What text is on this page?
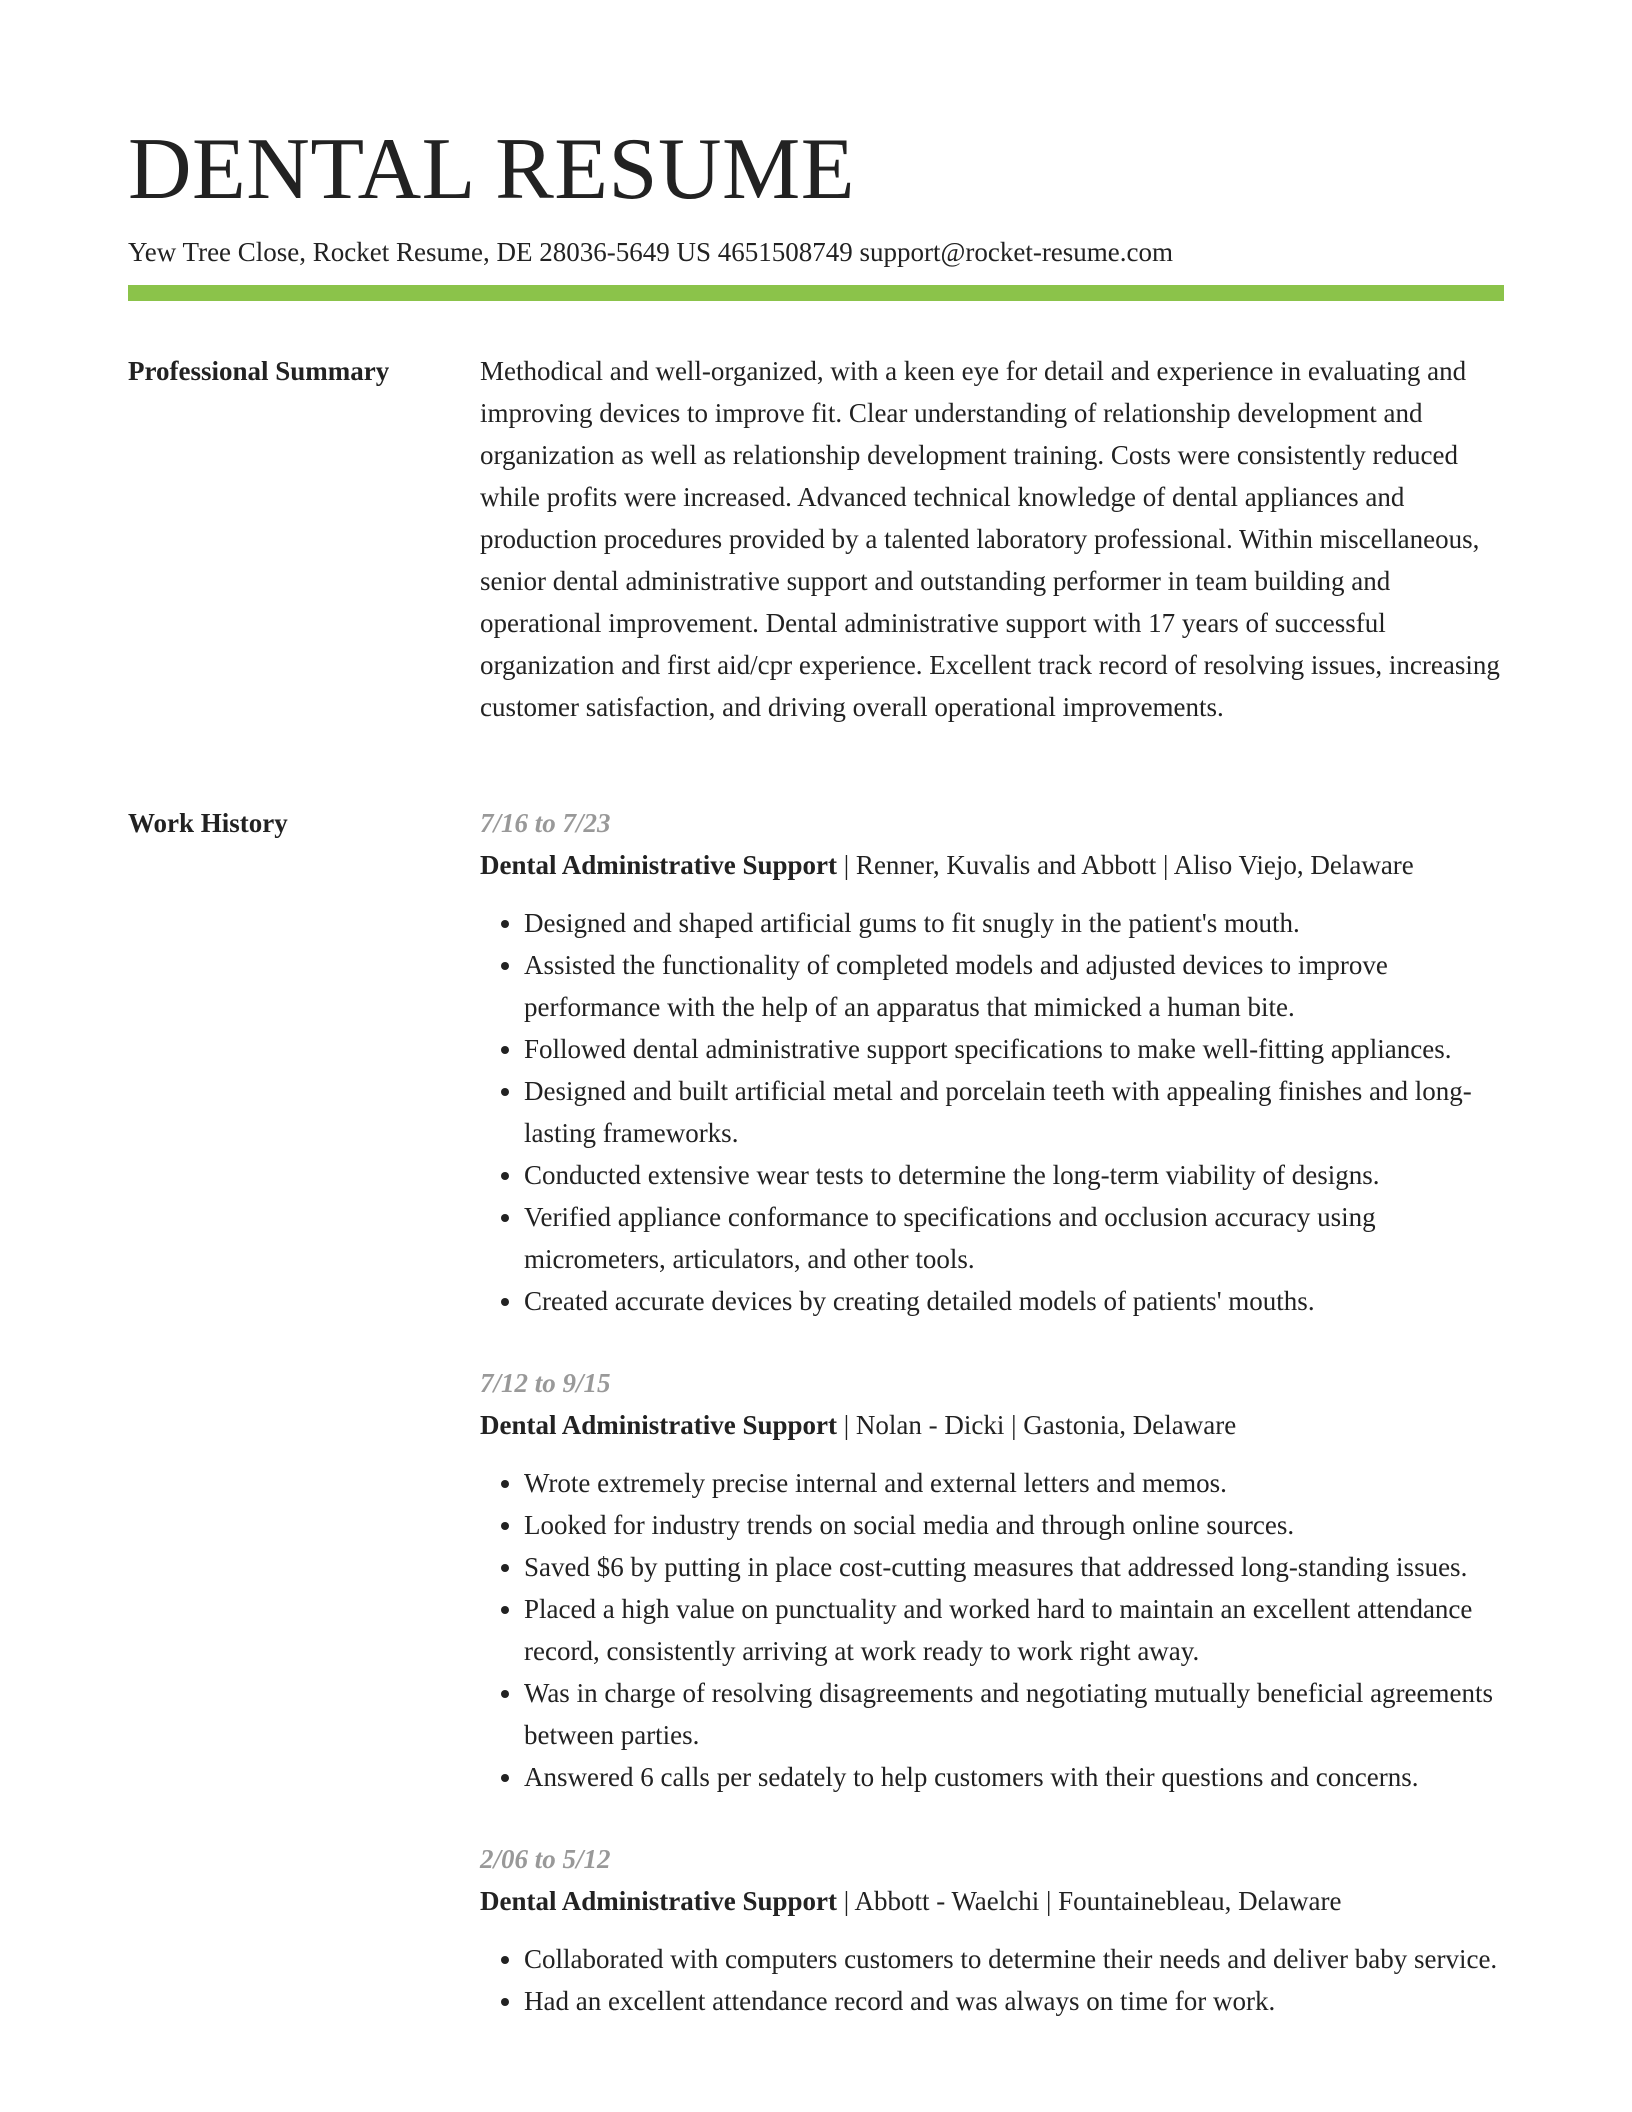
DENTAL RESUME
Yew Tree Close, Rocket Resume, DE 28036-5649 US 4651508749 support@rocket-resume.com
Professional Summary	Methodical and well-organized, with a keen eye for detail and experience in evaluating and improving devices to improve fit. Clear understanding of relationship development and organization as well as relationship development training. Costs were consistently reduced while profits were increased. Advanced technical knowledge of dental appliances and production procedures provided by a talented laboratory professional. Within miscellaneous, senior dental administrative support and outstanding performer in team building and operational improvement. Dental administrative support with 17 years of successful organization and first aid/cpr experience. Excellent track record of resolving issues, increasing customer satisfaction, and driving overall operational improvements.
Work History	7/16 to 7/23
Dental Administrative Support | Renner, Kuvalis and Abbott | Aliso Viejo, Delaware
• Designed and shaped artificial gums to fit snugly in the patient's mouth.
• Assisted the functionality of completed models and adjusted devices to improve performance with the help of an apparatus that mimicked a human bite.
• Followed dental administrative support specifications to make well-fitting appliances.
• Designed and built artificial metal and porcelain teeth with appealing finishes and long-lasting frameworks.
• Conducted extensive wear tests to determine the long-term viability of designs.
• Verified appliance conformance to specifications and occlusion accuracy using micrometers, articulators, and other tools.
• Created accurate devices by creating detailed models of patients' mouths.
7/12 to 9/15
Dental Administrative Support | Nolan - Dicki | Gastonia, Delaware
• Wrote extremely precise internal and external letters and memos.
• Looked for industry trends on social media and through online sources.
• Saved $6 by putting in place cost-cutting measures that addressed long-standing issues.
• Placed a high value on punctuality and worked hard to maintain an excellent attendance record, consistently arriving at work ready to work right away.
• Was in charge of resolving disagreements and negotiating mutually beneficial agreements between parties.
• Answered 6 calls per sedately to help customers with their questions and concerns.
2/06 to 5/12
Dental Administrative Support | Abbott - Waelchi | Fountainebleau, Delaware
• Collaborated with computers customers to determine their needs and deliver baby service.
• Had an excellent attendance record and was always on time for work.
